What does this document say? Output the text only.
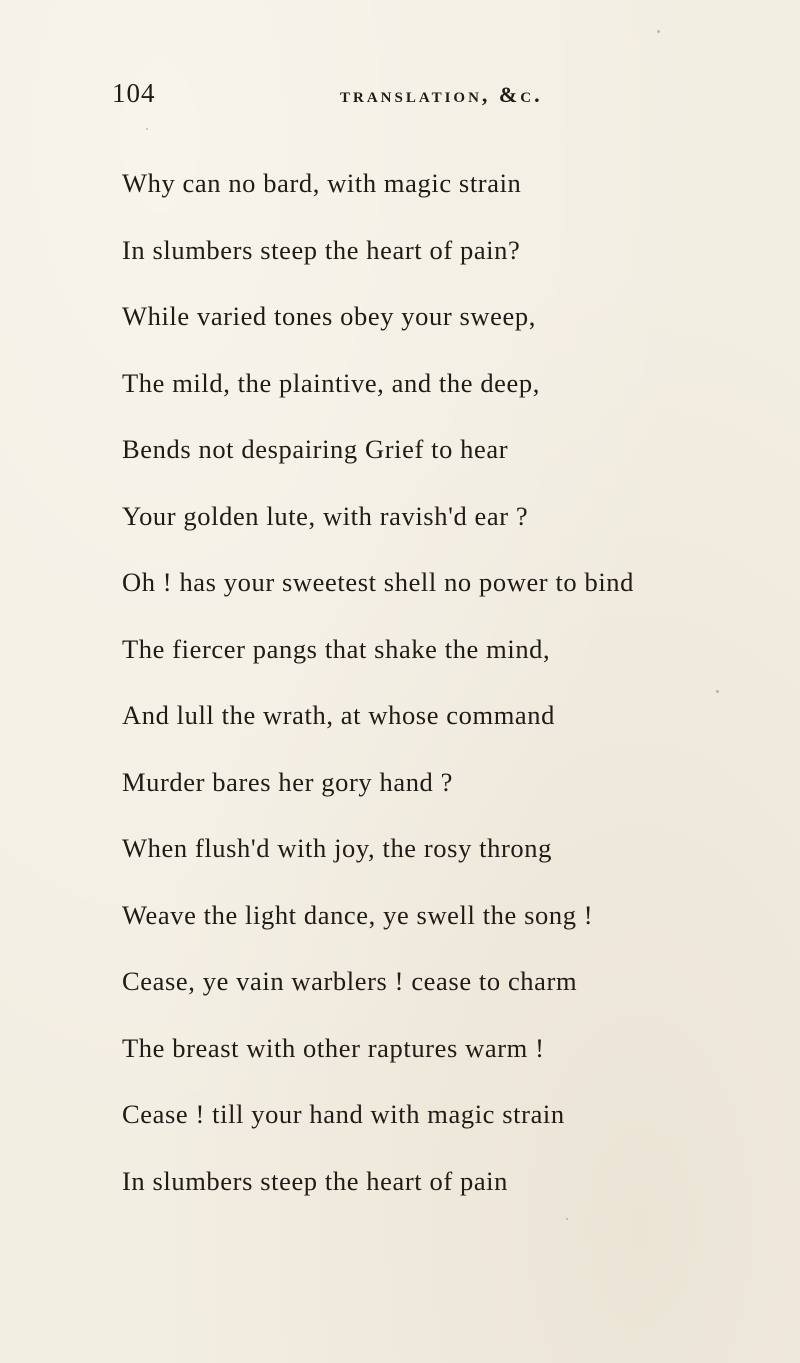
104	translation, &c.
Why can no bard, with magic strain
In slumbers steep the heart of pain?
While varied tones obey your sweep,
The mild, the plaintive, and the deep,
Bends not despairing Grief to hear
Your golden lute, with ravish'd ear ?
Oh ! has your sweetest shell no power to bind
The fiercer pangs that shake the mind,
And lull the wrath, at whose command
Murder bares her gory hand ?
When flush'd with joy, the rosy throng
Weave the light dance, ye swell the song !
Cease, ye vain warblers ! cease to charm
The breast with other raptures warm !
Cease ! till your hand with magic strain
In slumbers steep the heart of pain
